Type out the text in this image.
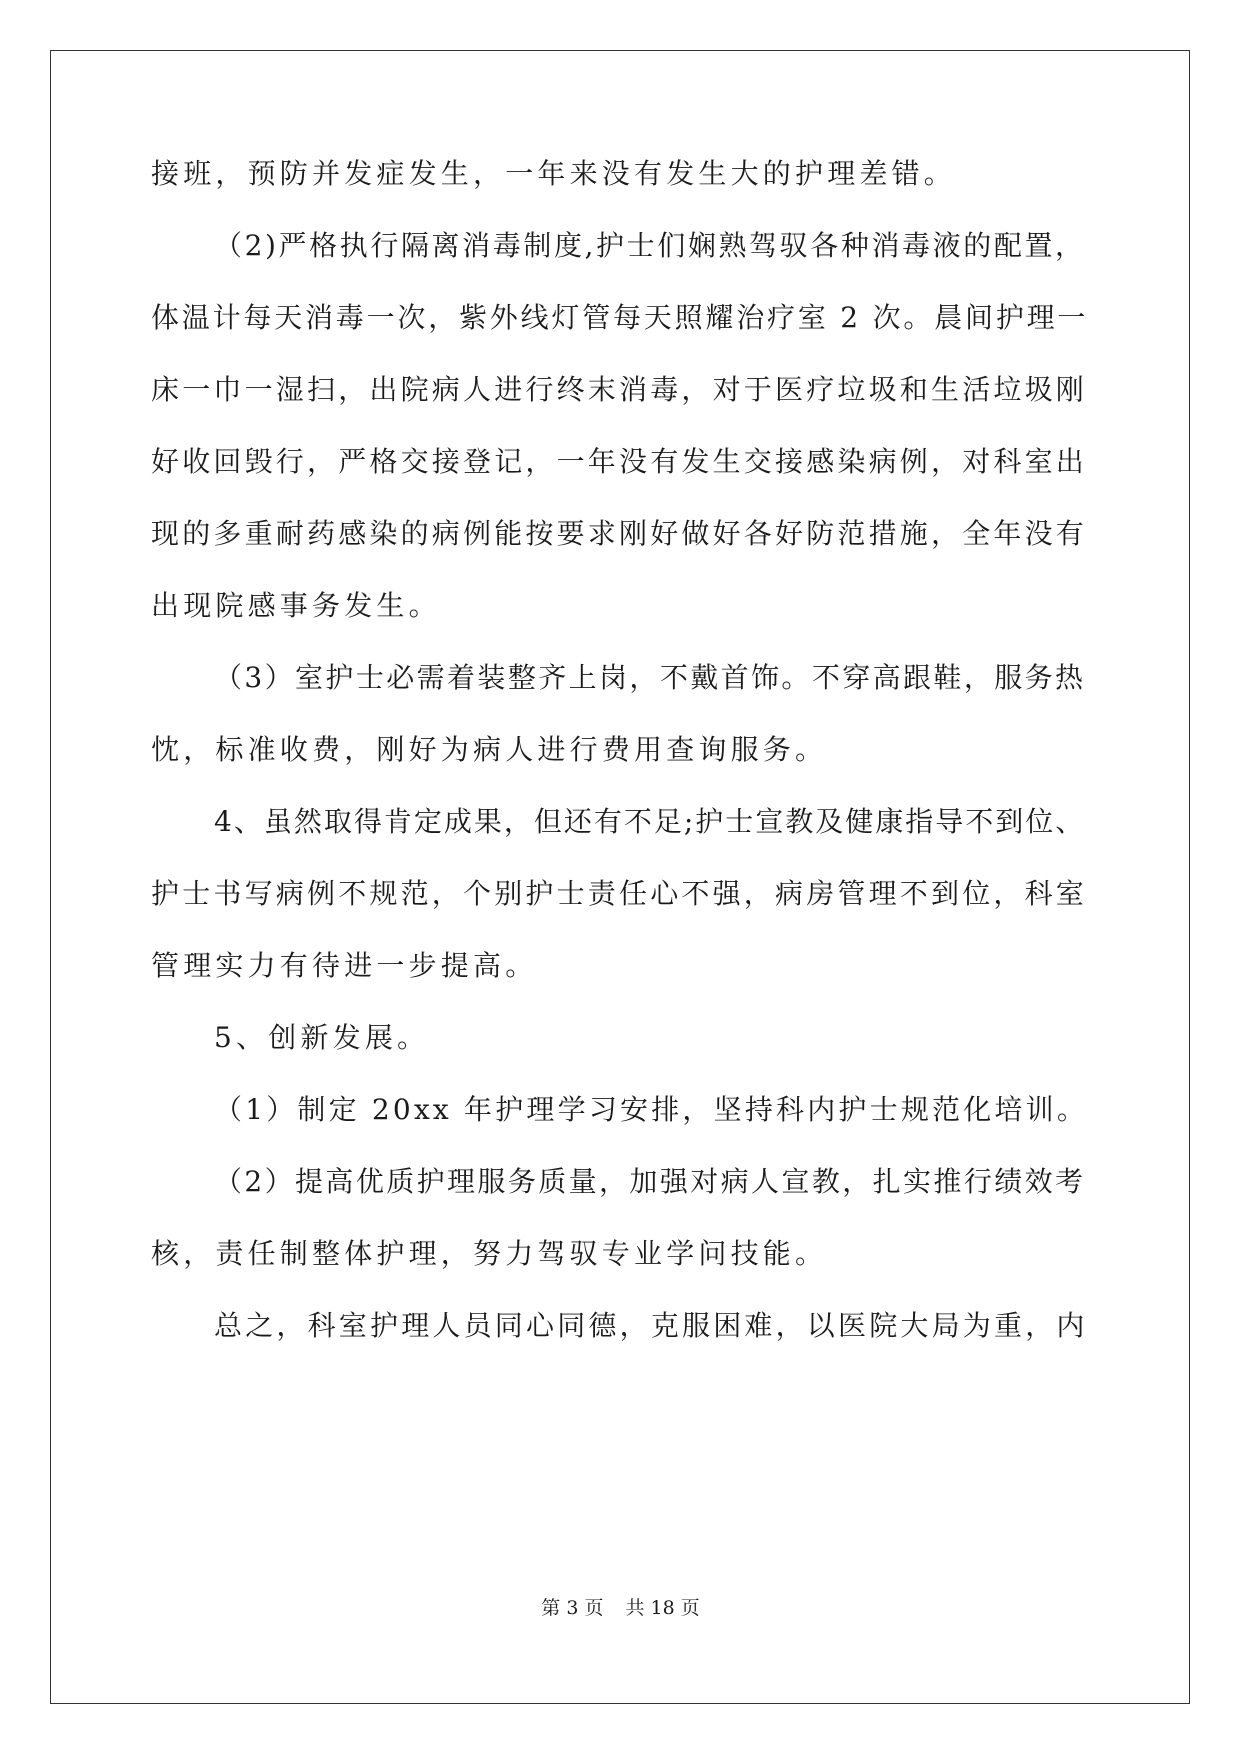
接班，预防并发症发生，一年来没有发生大的护理差错。
（2)严格执行隔离消毒制度,护士们娴熟驾驭各种消毒液的配置，
体温计每天消毒一次，紫外线灯管每天照耀治疗室 2 次。晨间护理一
床一巾一湿扫，出院病人进行终末消毒，对于医疗垃圾和生活垃圾刚
好收回毁行，严格交接登记，一年没有发生交接感染病例，对科室出
现的多重耐药感染的病例能按要求刚好做好各好防范措施，全年没有
出现院感事务发生。
（3）室护士必需着装整齐上岗，不戴首饰。不穿高跟鞋，服务热
忱，标准收费，刚好为病人进行费用查询服务。
4、虽然取得肯定成果，但还有不足;护士宣教及健康指导不到位、
护士书写病例不规范，个别护士责任心不强，病房管理不到位，科室
管理实力有待进一步提高。
5、创新发展。
（1）制定 20xx 年护理学习安排，坚持科内护士规范化培训。
（2）提高优质护理服务质量，加强对病人宣教，扎实推行绩效考
核，责任制整体护理，努力驾驭专业学问技能。
总之，科室护理人员同心同德，克服困难，以医院大局为重，内
第 3 页 共 18 页
